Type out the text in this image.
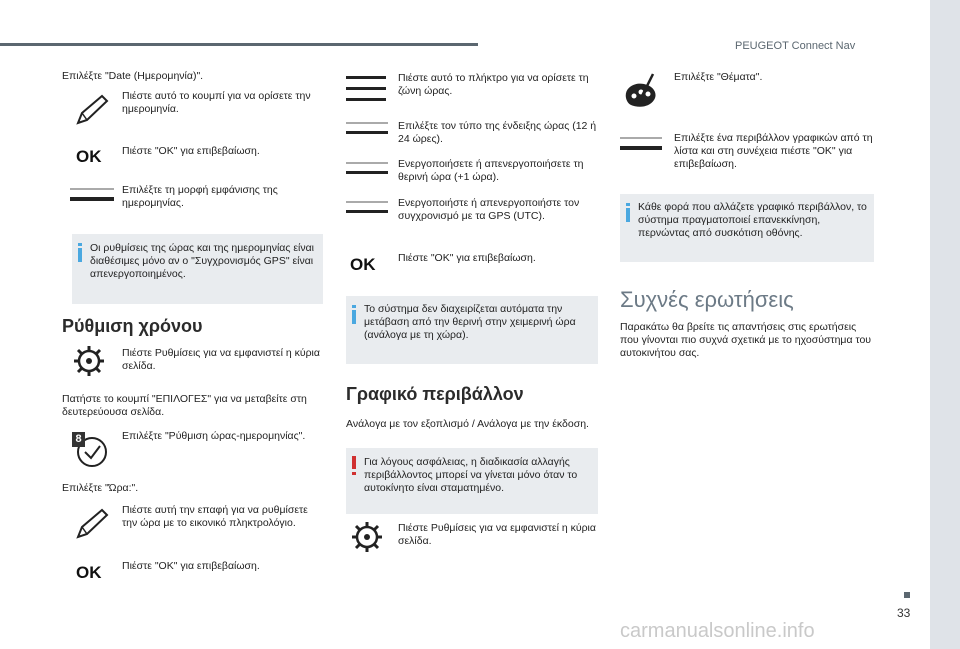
PEUGEOT Connect Nav
Επιλέξτε "Date (Ημερομηνία)".
Πιέστε αυτό το κουμπί για να ορίσετε την ημερομηνία.
OK Πιέστε "OK" για επιβεβαίωση.
Επιλέξτε τη μορφή εμφάνισης της ημερομηνίας.
Οι ρυθμίσεις της ώρας και της ημερομηνίας είναι διαθέσιμες μόνο αν ο "Συγχρονισμός GPS" είναι απενεργοποιημένος.
Ρύθμιση χρόνου
Πιέστε Ρυθμίσεις για να εμφανιστεί η κύρια σελίδα.
Πατήστε το κουμπί "ΕΠΙΛΟΓΕΣ" για να μεταβείτε στη δευτερεύουσα σελίδα.
8	Επιλέξτε "Ρύθμιση ώρας-ημερομηνίας".
Επιλέξτε "Ώρα:".
Πιέστε αυτή την επαφή για να ρυθμίσετε την ώρα με το εικονικό πληκτρολόγιο.
OK Πιέστε "OK" για επιβεβαίωση.
Πιέστε αυτό το πλήκτρο για να ορίσετε τη ζώνη ώρας.
Επιλέξτε τον τύπο της ένδειξης ώρας (12 ή 24 ώρες).
Ενεργοποιήσετε ή απενεργοποιήσετε τη θερινή ώρα (+1 ώρα).
Ενεργοποιήστε ή απενεργοποιήστε τον συγχρονισμό με τα GPS (UTC).
OK Πιέστε "OK" για επιβεβαίωση.
Το σύστημα δεν διαχειρίζεται αυτόματα την μετάβαση από την θερινή στην χειμερινή ώρα (ανάλογα με τη χώρα).
Γραφικό περιβάλλον
Ανάλογα με τον εξοπλισμό / Ανάλογα με την έκδοση.
Για λόγους ασφάλειας, η διαδικασία αλλαγής περιβάλλοντος μπορεί να γίνεται μόνο όταν το αυτοκίνητο είναι σταματημένο.
Πιέστε Ρυθμίσεις για να εμφανιστεί η κύρια σελίδα.
Επιλέξτε "Θέματα".
Επιλέξτε ένα περιβάλλον γραφικών από τη λίστα και στη συνέχεια πιέστε "OK" για επιβεβαίωση.
Κάθε φορά που αλλάζετε γραφικό περιβάλλον, το σύστημα πραγματοποιεί επανεκκίνηση, περνώντας από συσκότιση οθόνης.
Συχνές ερωτήσεις
Παρακάτω θα βρείτε τις απαντήσεις στις ερωτήσεις που γίνονται πιο συχνά σχετικά με το ηχοσύστημα του αυτοκινήτου σας.
33
carmanualsonline.info
